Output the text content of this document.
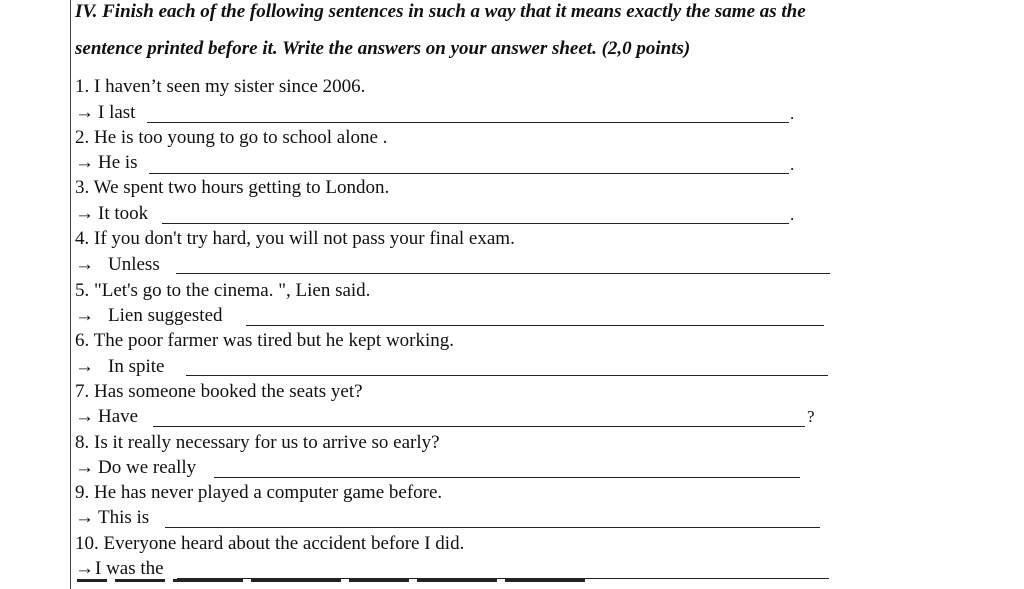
IV. Finish each of the following sentences in such a way that it means exactly the same as the
sentence printed before it. Write the answers on your answer sheet. (2,0 points)
1. I haven’t seen my sister since 2006.
→ I last	.
2. He is too young to go to school alone .
→ He is	.
3. We spent two hours getting to London.
→ It took	.
4. If you don't try hard, you will not pass your final exam.
→ Unless
5. "Let's go to the cinema. ", Lien said.
→ Lien suggested
6. The poor farmer was tired but he kept working.
→ In spite
7. Has someone booked the seats yet?
→ Have	?
8. Is it really necessary for us to arrive so early?
→ Do we really
9. He has never played a computer game before.
→ This is
10. Everyone heard about the accident before I did.
→I was the
